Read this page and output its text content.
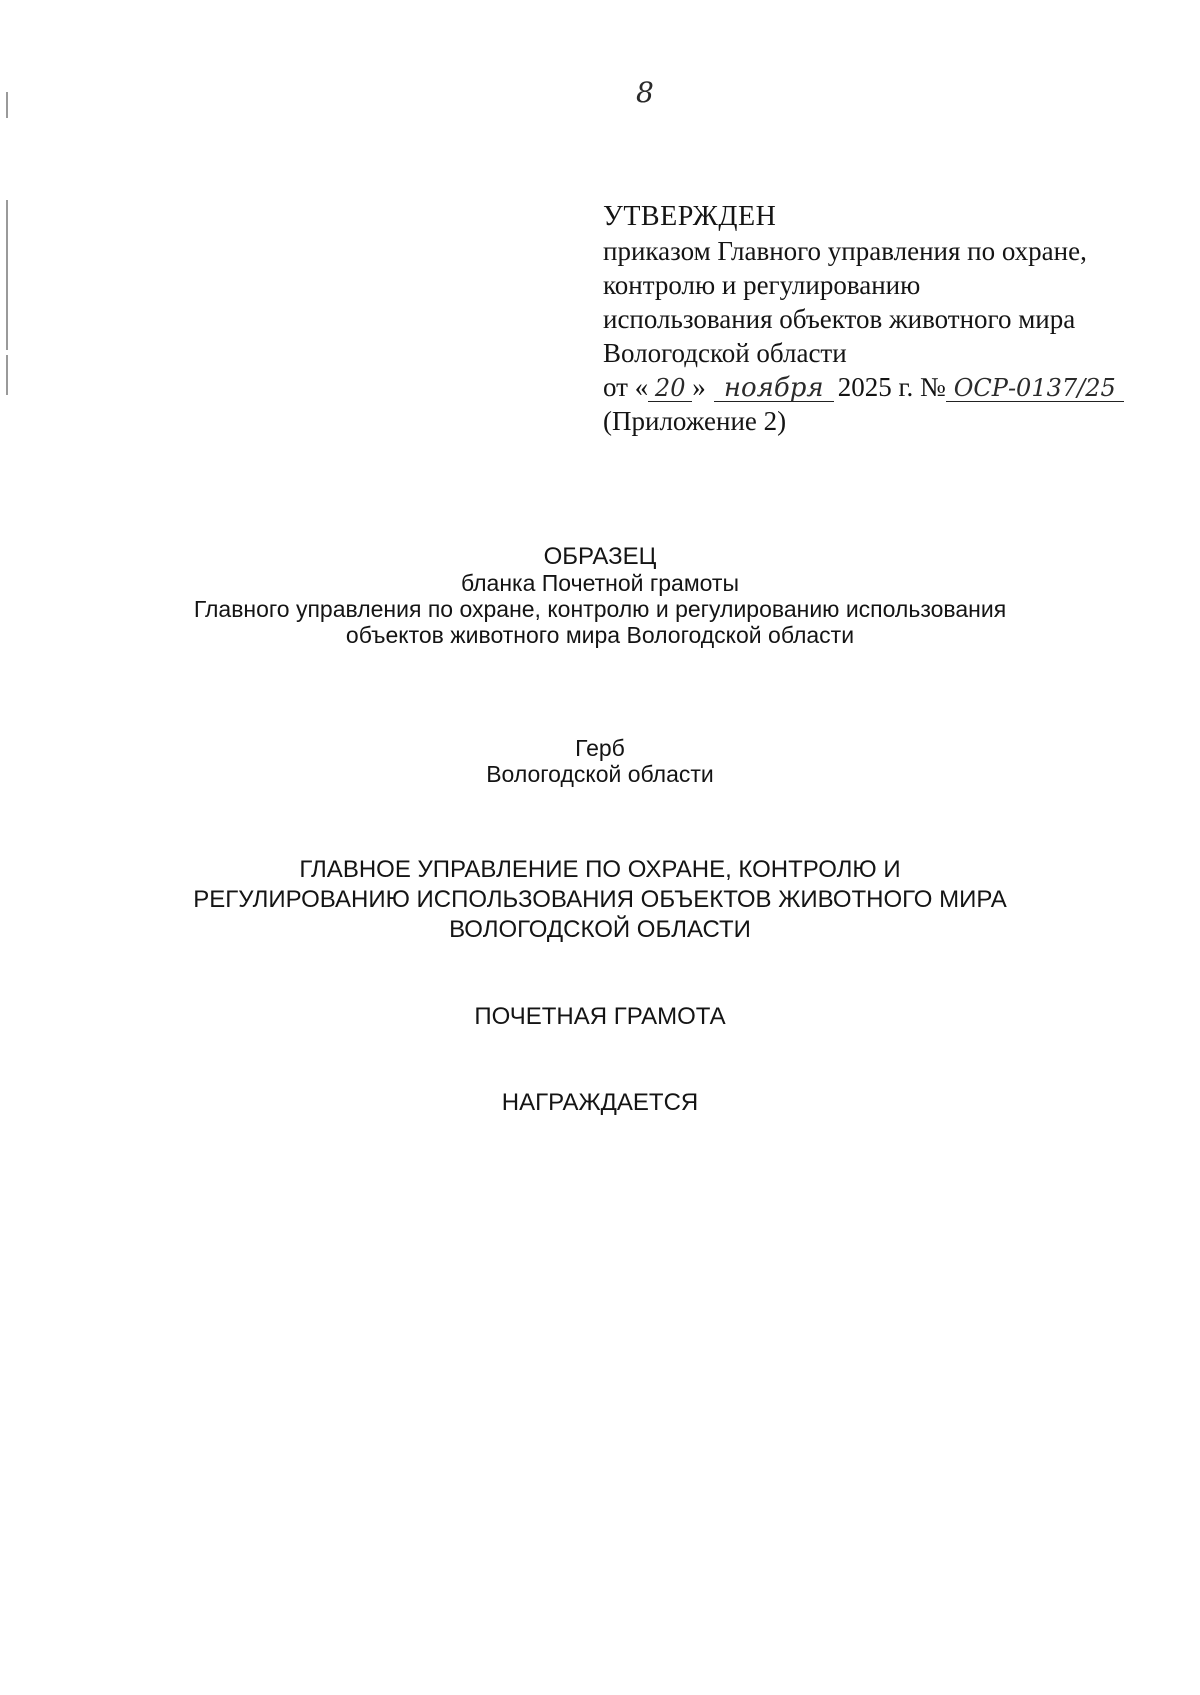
8
УТВЕРЖДЕН
приказом Главного управления по охране,
контролю и регулированию
использования объектов животного мира
Вологодской области
от « 20 » ноября 2025 г. № ОСР-0137/25
(Приложение 2)
ОБРАЗЕЦ
бланка Почетной грамоты
Главного управления по охране, контролю и регулированию использования
объектов животного мира Вологодской области
Герб
Вологодской области
ГЛАВНОЕ УПРАВЛЕНИЕ ПО ОХРАНЕ, КОНТРОЛЮ И
РЕГУЛИРОВАНИЮ ИСПОЛЬЗОВАНИЯ ОБЪЕКТОВ ЖИВОТНОГО МИРА
ВОЛОГОДСКОЙ ОБЛАСТИ
ПОЧЕТНАЯ ГРАМОТА
НАГРАЖДАЕТСЯ
